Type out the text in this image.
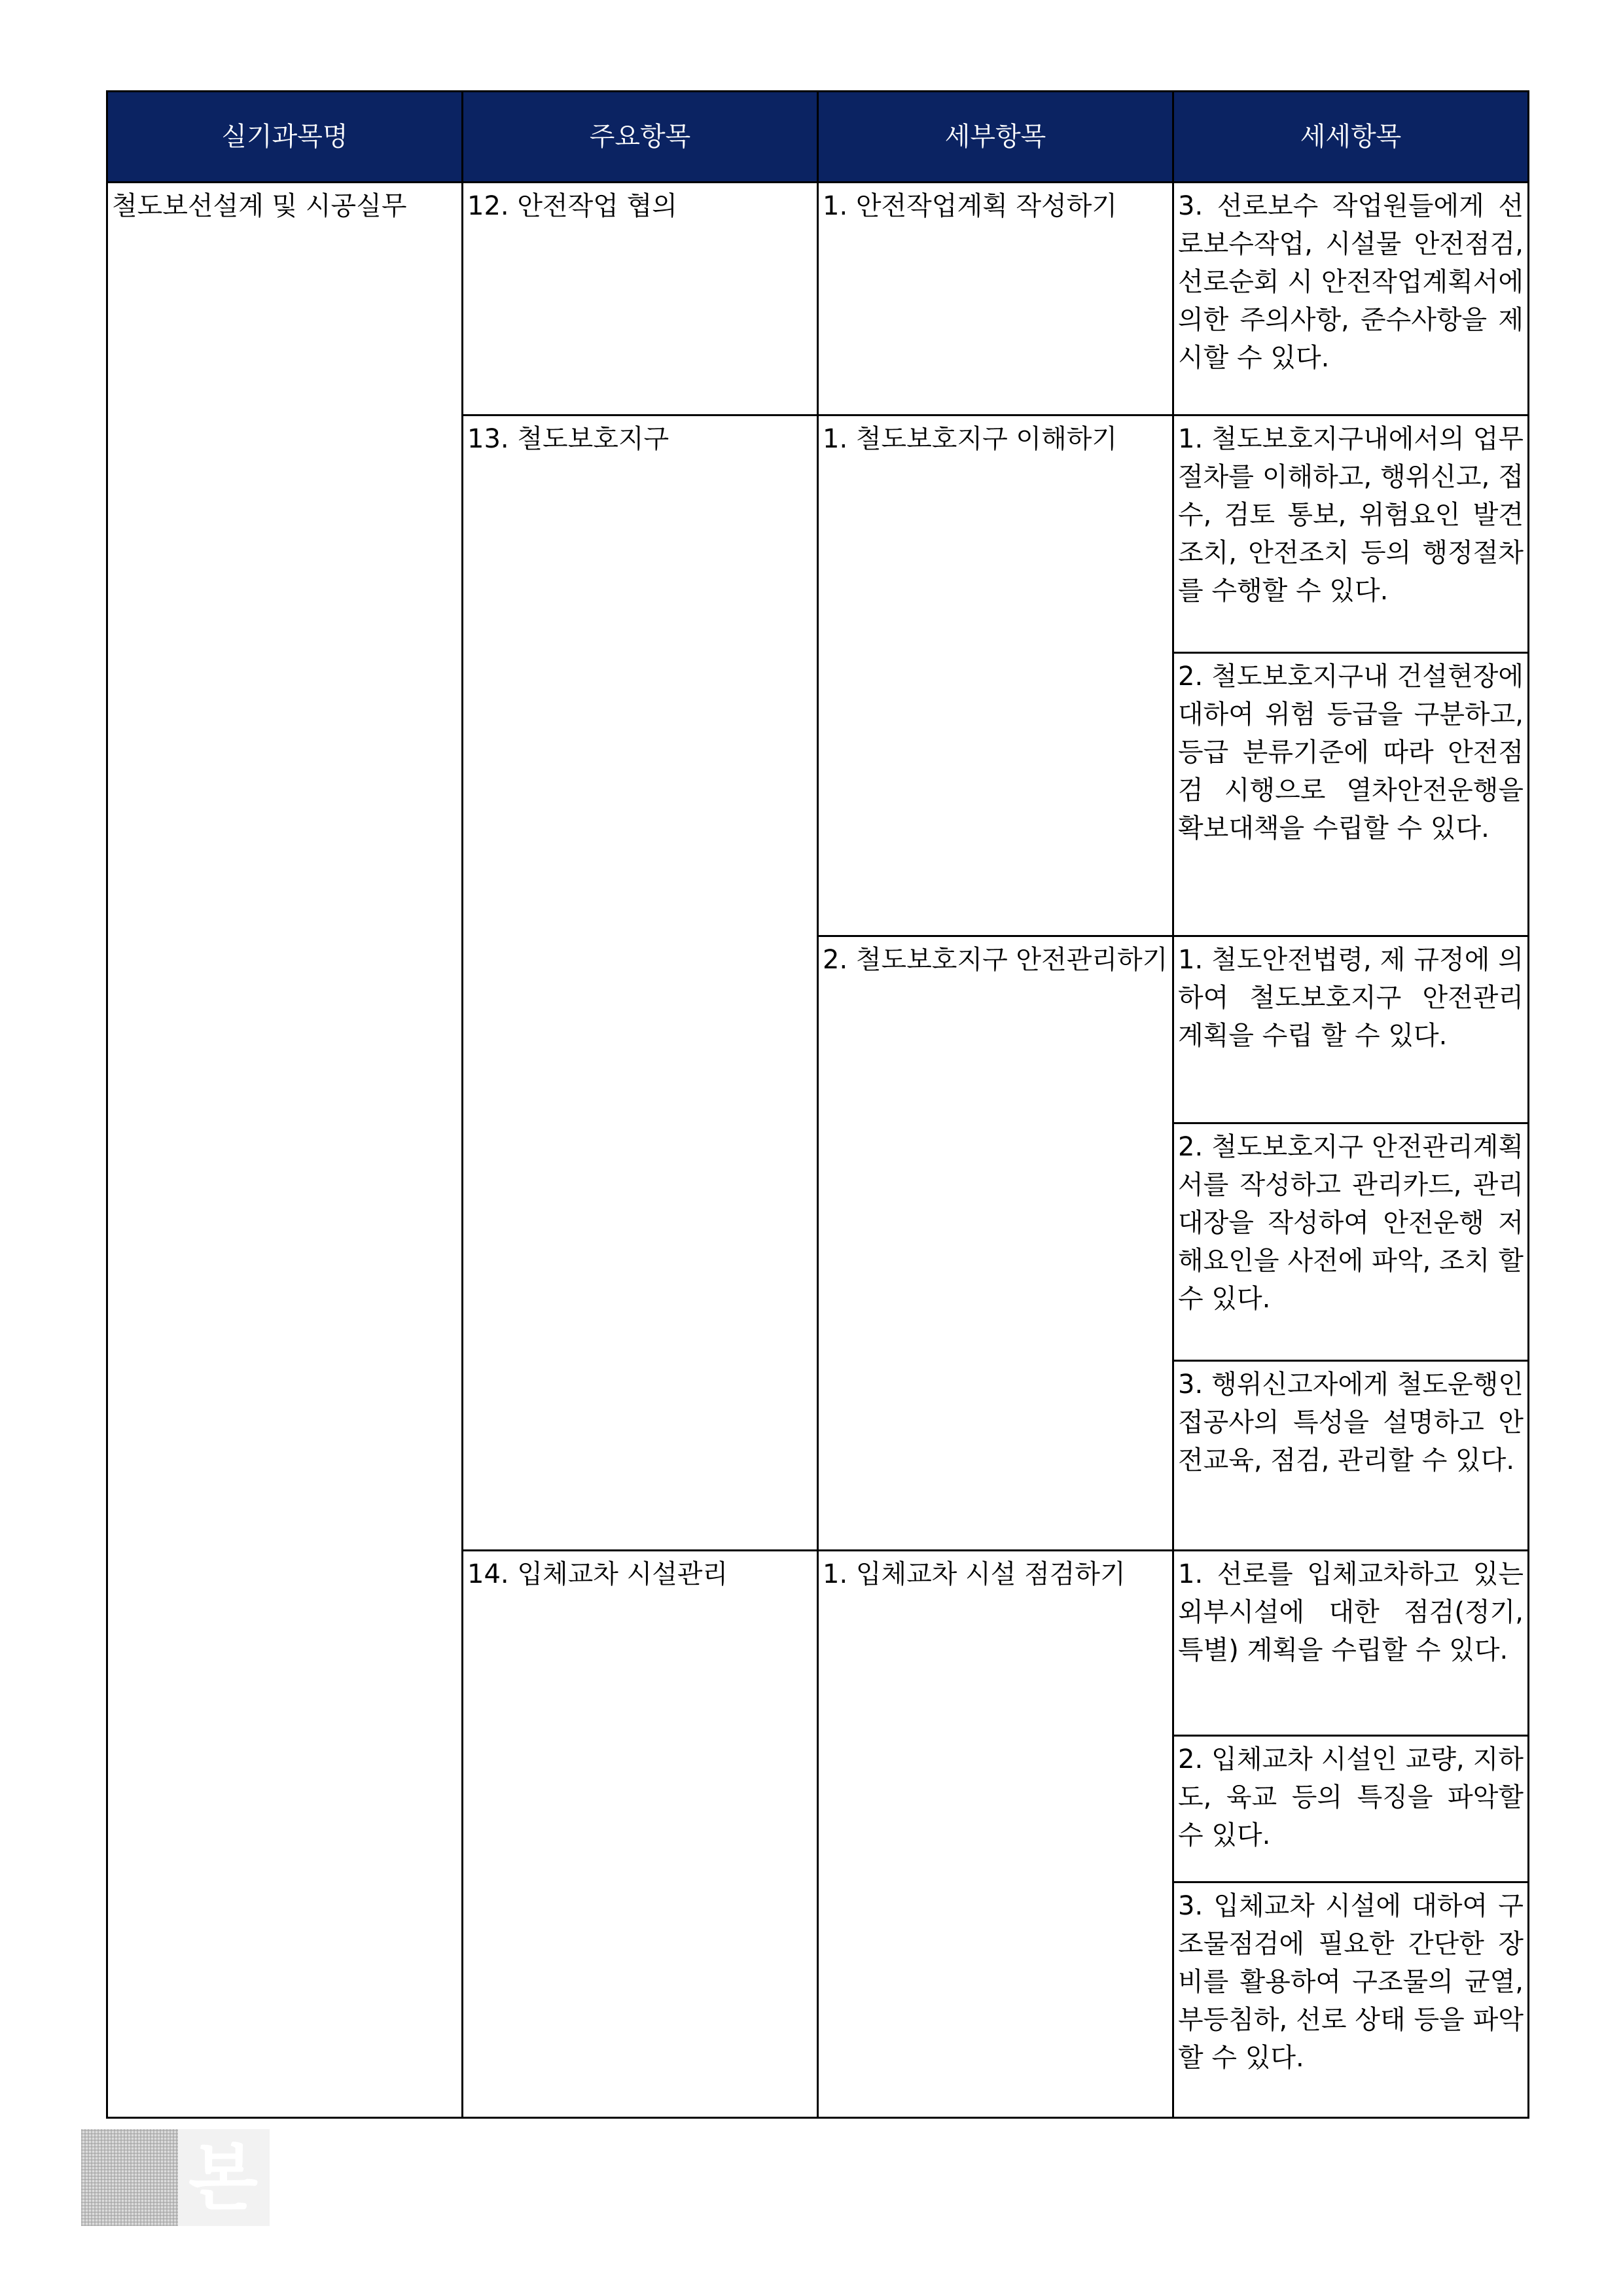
실기과목명	주요항목	세부항목	세세항목
철도보선설계 및 시공실무	12. 안전작업 협의	1. 안전작업계획 작성하기	3. 선로보수 작업원들에게 선로보수작업, 시설물 안전점검, 선로순회 시 안전작업계획서에 의한 주의사항, 준수사항을 제시할 수 있다.
	13. 철도보호지구	1. 철도보호지구 이해하기	1. 철도보호지구내에서의 업무절차를 이해하고, 행위신고, 접수, 검토 통보, 위험요인 발견조치, 안전조치 등의 행정절차를 수행할 수 있다.
			2. 철도보호지구내 건설현장에 대하여 위험 등급을 구분하고, 등급 분류기준에 따라 안전점검 시행으로 열차안전운행을 확보대책을 수립할 수 있다.
		2. 철도보호지구 안전관리하기	1. 철도안전법령, 제 규정에 의하여 철도보호지구 안전관리 계획을 수립 할 수 있다.
			2. 철도보호지구 안전관리계획서를 작성하고 관리카드, 관리대장을 작성하여 안전운행 저해요인을 사전에 파악, 조치 할 수 있다.
			3. 행위신고자에게 철도운행인접공사의 특성을 설명하고 안전교육, 점검, 관리할 수 있다.
	14. 입체교차 시설관리	1. 입체교차 시설 점검하기	1. 선로를 입체교차하고 있는 외부시설에 대한 점검(정기, 특별) 계획을 수립할 수 있다.
			2. 입체교차 시설인 교량, 지하도, 육교 등의 특징을 파악할 수 있다.
			3. 입체교차 시설에 대하여 구조물점검에 필요한 간단한 장비를 활용하여 구조물의 균열, 부등침하, 선로 상태 등을 파악할 수 있다.
본
